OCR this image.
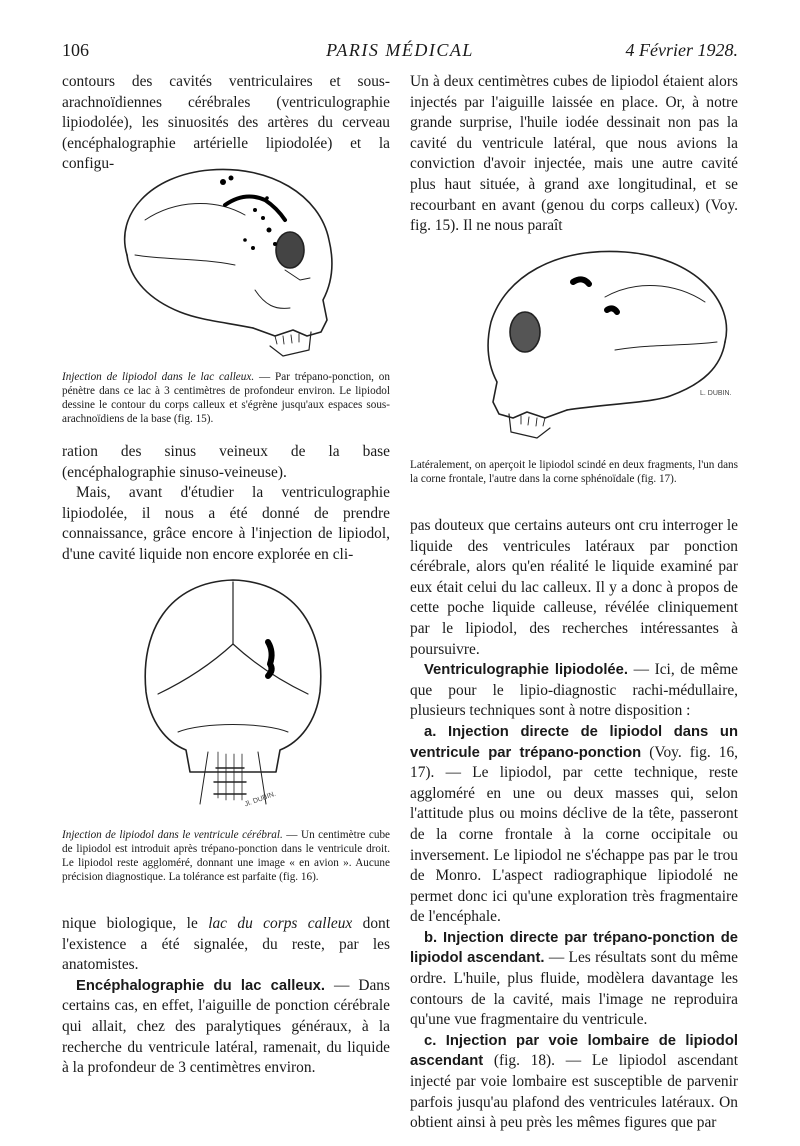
106	PARIS MÉDICAL	4 Février 1928.

contours des cavités ventriculaires et sous-arachnoïdiennes cérébrales (ventriculographie lipiodolée), les sinuosités des artères du cerveau (encéphalographie artérielle lipiodolée) et la configu-

Injection de lipiodol dans le lac calleux. — Par trépano-ponction, on pénètre dans ce lac à 3 centimètres de profondeur environ. Le lipiodol dessine le contour du corps calleux et s'égrène jusqu'aux espaces sous-arachnoïdiens de la base (fig. 15).

ration des sinus veineux de la base (encéphalographie sinuso-veineuse).

Mais, avant d'étudier la ventriculographie lipiodolée, il nous a été donné de prendre connaissance, grâce encore à l'injection de lipiodol, d'une cavité liquide non encore explorée en cli-

Jl. DUBIN.
Injection de lipiodol dans le ventricule cérébral. — Un centimètre cube de lipiodol est introduit après trépano-ponction dans le ventricule droit. Le lipiodol reste aggloméré, donnant une image « en avion ». Aucune précision diagnostique. La tolérance est parfaite (fig. 16).

nique biologique, le lac du corps calleux dont l'existence a été signalée, du reste, par les anatomistes.

Encéphalographie du lac calleux. — Dans certains cas, en effet, l'aiguille de ponction cérébrale qui allait, chez des paralytiques généraux, à la recherche du ventricule latéral, ramenait, du liquide à la profondeur de 3 centimètres environ.

Un à deux centimètres cubes de lipiodol étaient alors injectés par l'aiguille laissée en place. Or, à notre grande surprise, l'huile iodée dessinait non pas la cavité du ventricule latéral, que nous avions la conviction d'avoir injectée, mais une autre cavité plus haut située, à grand axe longitudinal, et se recourbant en avant (genou du corps calleux) (Voy. fig. 15). Il ne nous paraît

L. DUBIN.
Latéralement, on aperçoit le lipiodol scindé en deux fragments, l'un dans la corne frontale, l'autre dans la corne sphénoïdale (fig. 17).

pas douteux que certains auteurs ont cru interroger le liquide des ventricules latéraux par ponction cérébrale, alors qu'en réalité le liquide examiné par eux était celui du lac calleux. Il y a donc à propos de cette poche liquide calleuse, révélée cliniquement par le lipiodol, des recherches intéressantes à poursuivre.

Ventriculographie lipiodolée. — Ici, de même que pour le lipio-diagnostic rachi-médullaire, plusieurs techniques sont à notre disposition :

a. Injection directe de lipiodol dans un ventricule par trépano-ponction (Voy. fig. 16, 17). — Le lipiodol, par cette technique, reste aggloméré en une ou deux masses qui, selon l'attitude plus ou moins déclive de la tête, passeront de la corne frontale à la corne occipitale ou inversement. Le lipiodol ne s'échappe pas par le trou de Monro. L'aspect radiographique lipiodolé ne permet donc ici qu'une exploration très fragmentaire de l'encéphale.

b. Injection directe par trépano-ponction de lipiodol ascendant. — Les résultats sont du même ordre. L'huile, plus fluide, modèlera davantage les contours de la cavité, mais l'image ne reproduira qu'une vue fragmentaire du ventricule.

c. Injection par voie lombaire de lipiodol ascendant (fig. 18). — Le lipiodol ascendant injecté par voie lombaire est susceptible de parvenir parfois jusqu'au plafond des ventricules latéraux. On obtient ainsi à peu près les mêmes figures que par
